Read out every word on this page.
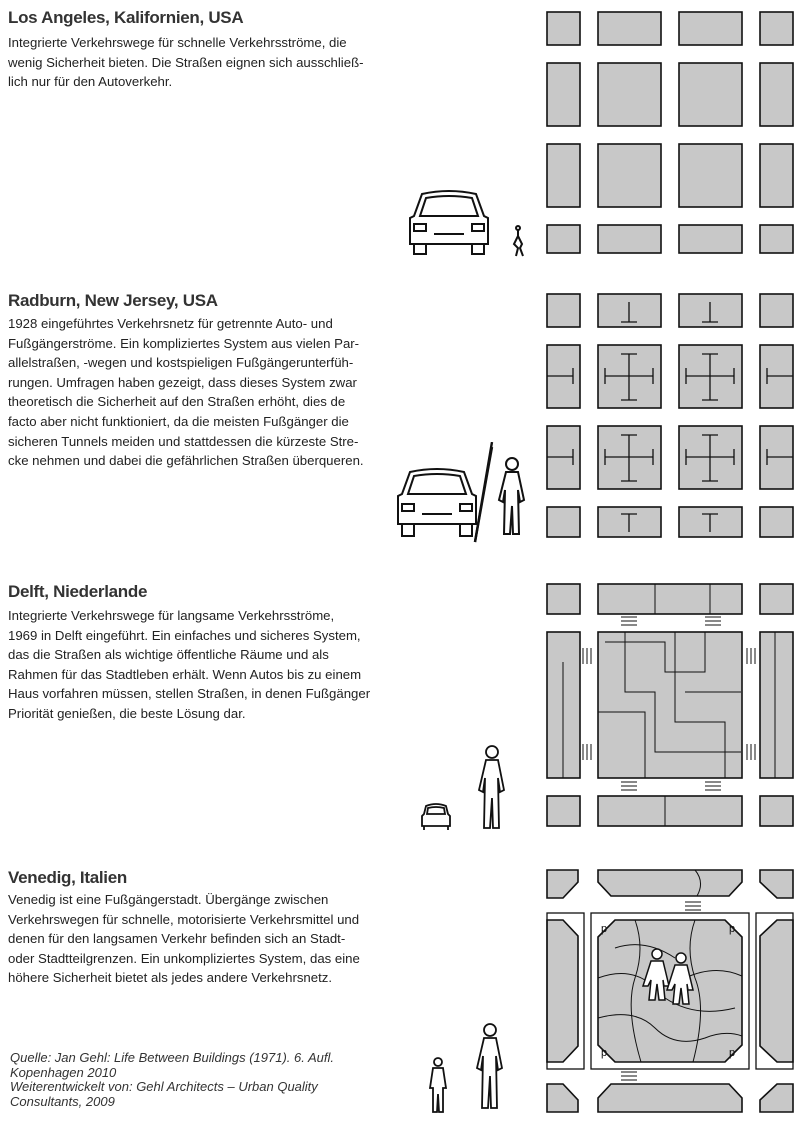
Los Angeles, Kalifornien, USA
Integrierte Verkehrswege für schnelle Verkehrsströme, die
wenig Sicherheit bieten. Die Straßen eignen sich ausschließ-
lich nur für den Autoverkehr.
Radburn, New Jersey, USA
1928 eingeführtes Verkehrsnetz für getrennte Auto- und
Fußgängerströme. Ein kompliziertes System aus vielen Par-
allelstraßen, -wegen und kostspieligen Fußgängerunterfüh-
rungen. Umfragen haben gezeigt, dass dieses System zwar
theoretisch die Sicherheit auf den Straßen erhöht, dies de
facto aber nicht funktioniert, da die meisten Fußgänger die
sicheren Tunnels meiden und stattdessen die kürzeste Stre-
cke nehmen und dabei die gefährlichen Straßen überqueren.
Delft, Niederlande
Integrierte Verkehrswege für langsame Verkehrsströme,
1969 in Delft eingeführt. Ein einfaches und sicheres System,
das die Straßen als wichtige öffentliche Räume und als
Rahmen für das Stadtleben erhält. Wenn Autos bis zu einem
Haus vorfahren müssen, stellen Straßen, in denen Fußgänger
Priorität genießen, die beste Lösung dar.
Venedig, Italien
Venedig ist eine Fußgängerstadt. Übergänge zwischen
Verkehrswegen für schnelle, motorisierte Verkehrsmittel und
denen für den langsamen Verkehr befinden sich an Stadt-
oder Stadtteilgrenzen. Ein unkompliziertes System, das eine
höhere Sicherheit bietet als jedes andere Verkehrsnetz.
p	p
p	p
Quelle: Jan Gehl: Life Between Buildings (1971). 6. Aufl.
Kopenhagen 2010
Weiterentwickelt von: Gehl Architects – Urban Quality
Consultants, 2009
